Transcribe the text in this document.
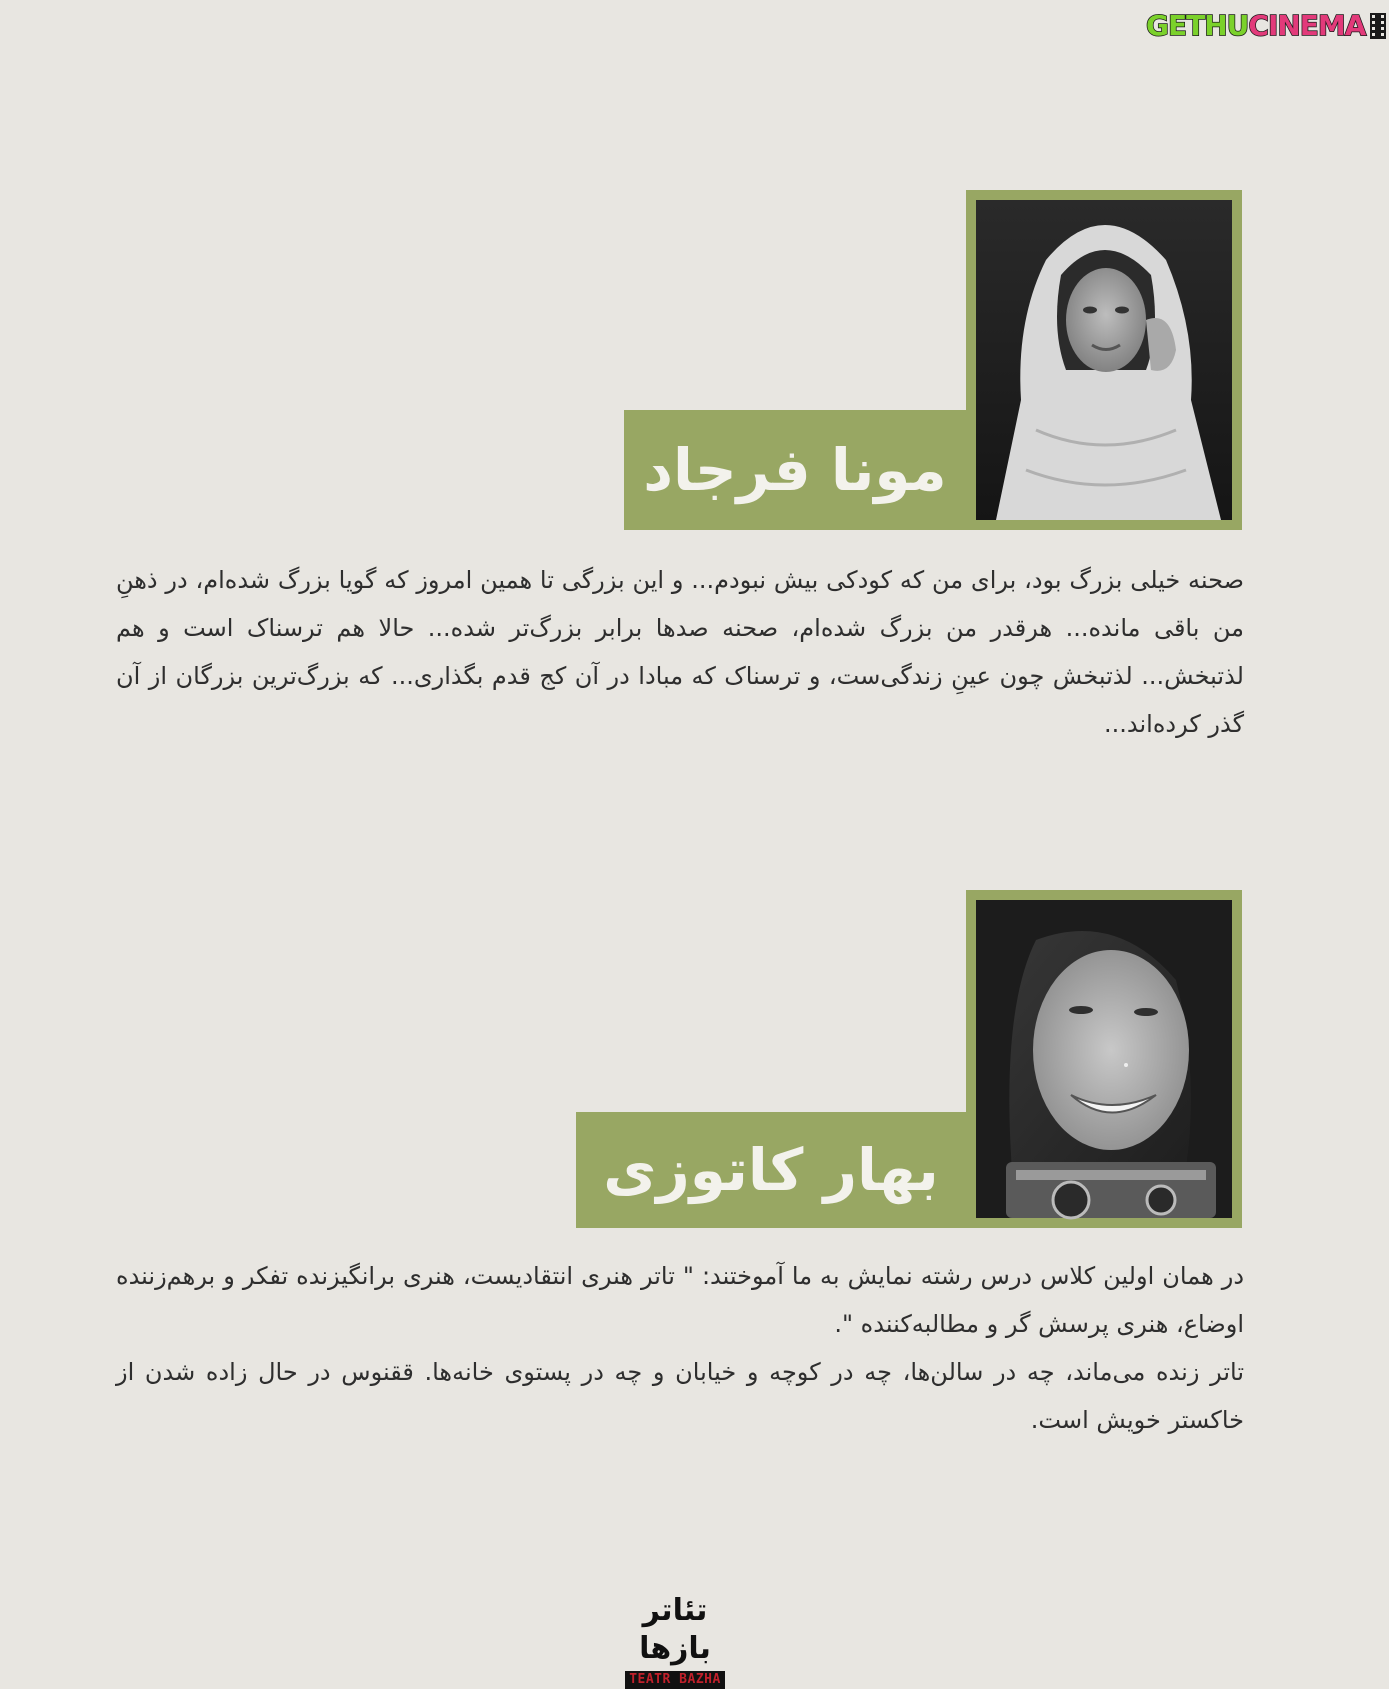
GETHU CINEMA
مونا فرجاد

صحنه خیلی بزرگ بود، برای من که کودکی بیش نبودم... و این بزرگی تا همین امروز که گویا بزرگ شده‌ام، در ذهنِ من باقی مانده... هرقدر من بزرگ شده‌ام، صحنه صدها برابر بزرگ‌تر شده... حالا هم ترسناک است و هم لذتبخش... لذتبخش چون عینِ زندگی‌ست، و ترسناک که مبادا در آن کج قدم بگذاری... که بزرگ‌ترین بزرگان از آن گذر کرده‌اند...

بهار کاتوزی

در همان اولین کلاس درس رشته نمایش به ما آموختند: " تاتر هنری انتقادیست، هنری برانگیزنده تفکر و برهم‌زننده اوضاع، هنری پرسش گر و مطالبه‌کننده ".

تاتر زنده می‌ماند، چه در سالن‌ها، چه در کوچه و خیابان و چه در پستوی خانه‌ها. ققنوس در حال زاده شدن از خاکستر خویش است.

تئاتر بازها
TEATR BAZHA
